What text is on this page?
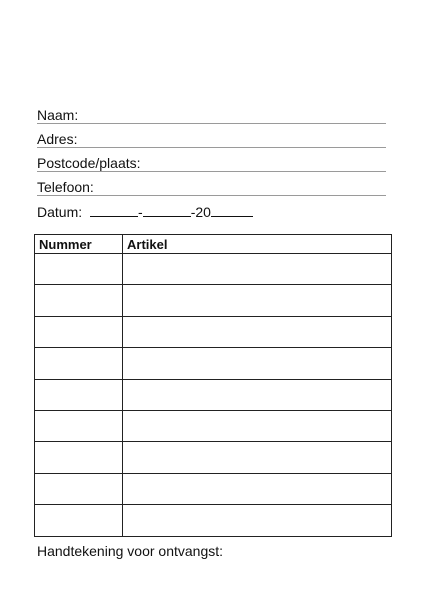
Naam:
Adres:
Postcode/plaats:
Telefoon:
Datum:	-	-20
Nummer	Artikel

Handtekening voor ontvangst:
